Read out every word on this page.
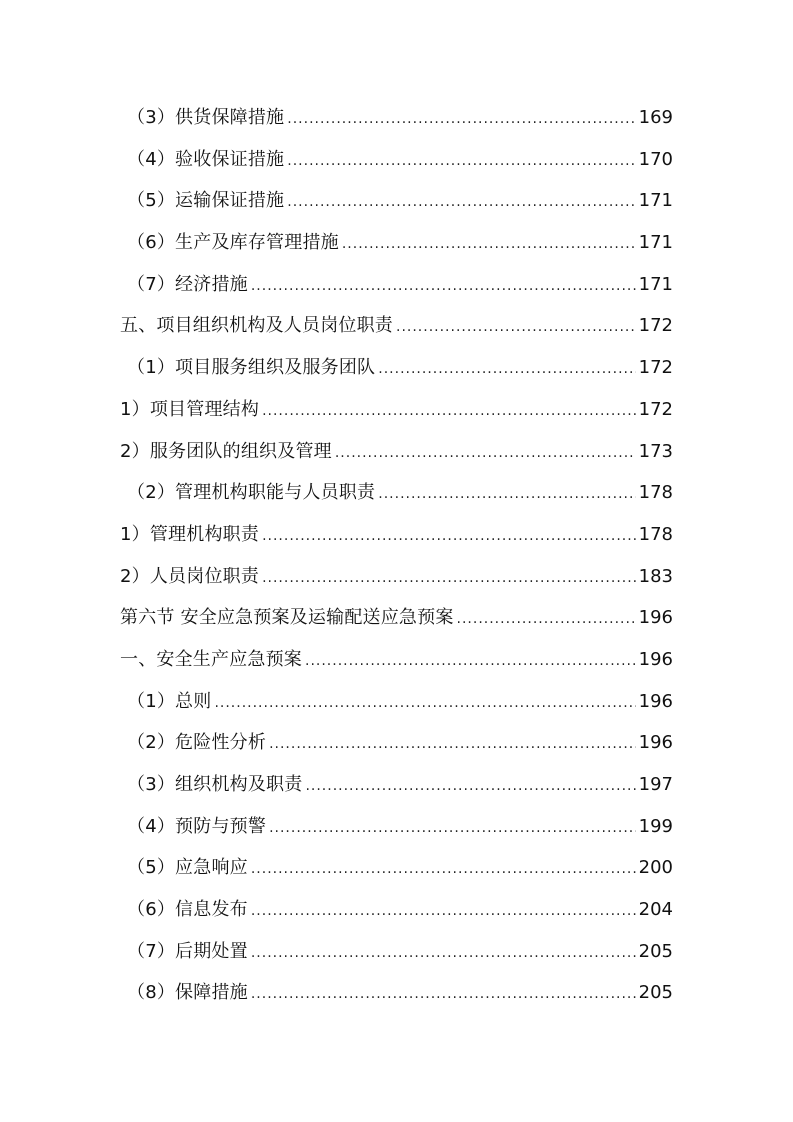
（3）供货保障措施 .....	169
（4）验收保证措施 .....	170
（5）运输保证措施 .....	171
（6）生产及库存管理措施 .....	171
（7）经济措施 .....	171
五、项目组织机构及人员岗位职责 .....	172
（1）项目服务组织及服务团队 .....	172
1）项目管理结构 .....	172
2）服务团队的组织及管理 .....	173
（2）管理机构职能与人员职责 .....	178
1）管理机构职责 .....	178
2）人员岗位职责 .....	183
第六节 安全应急预案及运输配送应急预案 .....	196
一、安全生产应急预案 .....	196
（1）总则 .....	196
（2）危险性分析 .....	196
（3）组织机构及职责 .....	197
（4）预防与预警 .....	199
（5）应急响应 .....	200
（6）信息发布 .....	204
（7）后期处置 .....	205
（8）保障措施 .....	205
